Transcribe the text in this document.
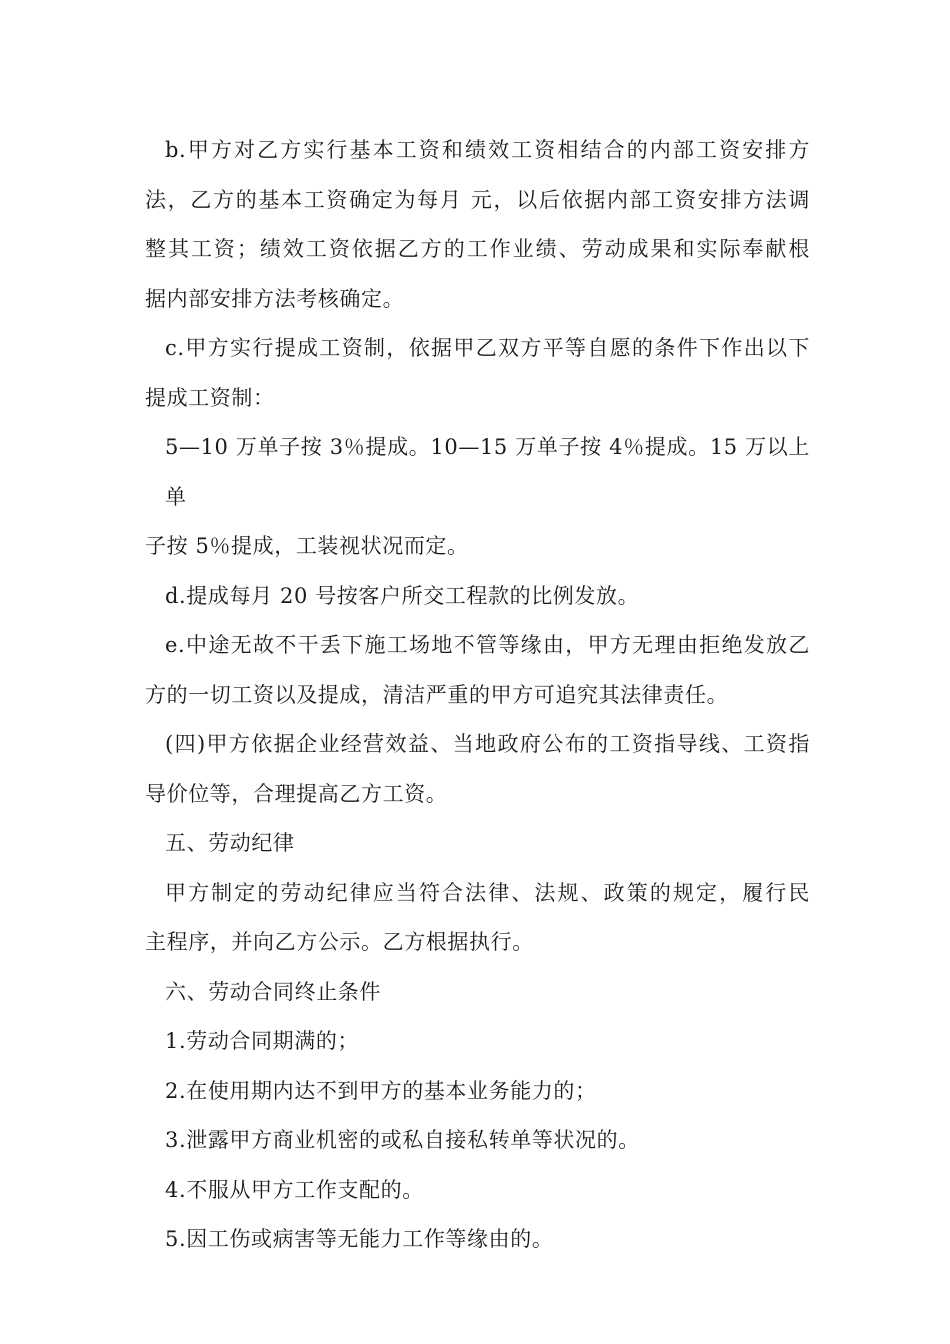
b.甲方对乙方实行基本工资和绩效工资相结合的内部工资安排方
法，乙方的基本工资确定为每月 元，以后依据内部工资安排方法调
整其工资；绩效工资依据乙方的工作业绩、劳动成果和实际奉献根
据内部安排方法考核确定。
c.甲方实行提成工资制，依据甲乙双方平等自愿的条件下作出以下
提成工资制：
5—10 万单子按 3％提成。10—15 万单子按 4％提成。15 万以上单
子按 5％提成，工装视状况而定。
d.提成每月 20 号按客户所交工程款的比例发放。
e.中途无故不干丢下施工场地不管等缘由，甲方无理由拒绝发放乙
方的一切工资以及提成，清洁严重的甲方可追究其法律责任。
(四)甲方依据企业经营效益、当地政府公布的工资指导线、工资指
导价位等，合理提高乙方工资。
五、劳动纪律
甲方制定的劳动纪律应当符合法律、法规、政策的规定，履行民
主程序，并向乙方公示。乙方根据执行。
六、劳动合同终止条件
1.劳动合同期满的；
2.在使用期内达不到甲方的基本业务能力的；
3.泄露甲方商业机密的或私自接私转单等状况的。
4.不服从甲方工作支配的。
5.因工伤或病害等无能力工作等缘由的。
